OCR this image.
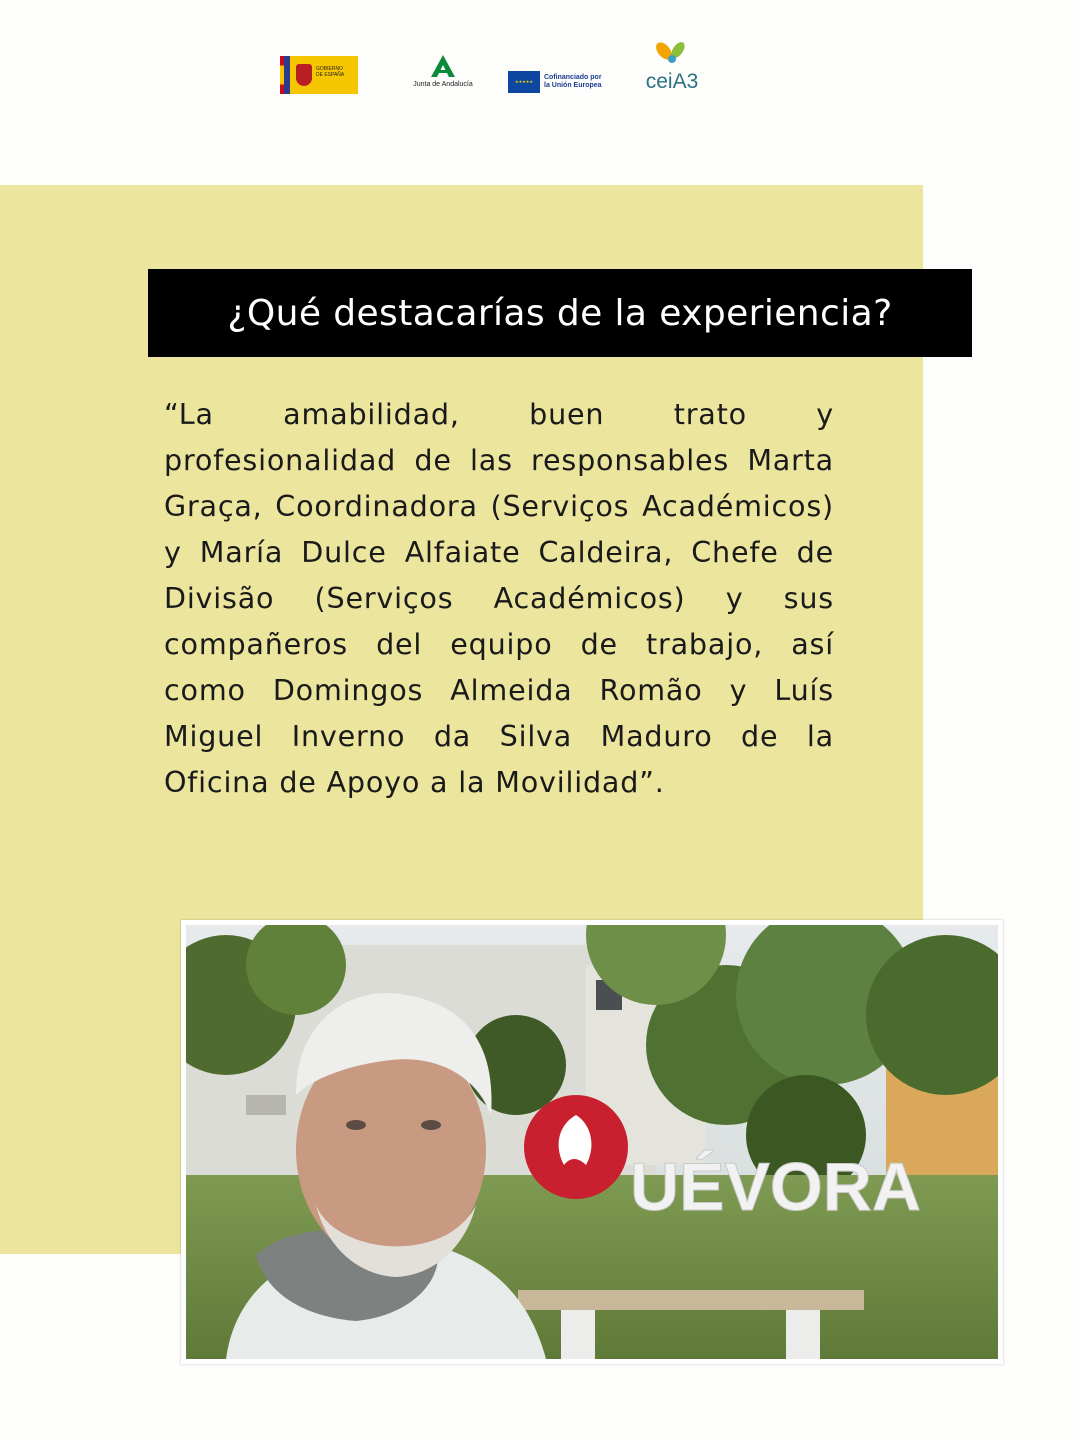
GOBIERNO
DE ESPAÑA
Junta de Andalucía	★★★★★
Cofinanciado por
la Unión Europea	ceiA3
¿Qué destacarías de la experiencia?

“La amabilidad, buen trato y profesionalidad de las responsables Marta Graça, Coordinadora (Serviços Académicos) y María Dulce Alfaiate Caldeira, Chefe de Divisão (Serviços Académicos) y sus compañeros del equipo de trabajo, así como Domingos Almeida Romão y Luís Miguel Inverno da Silva Maduro de la Oficina de Apoyo a la Movilidad”.

UÉVORA
